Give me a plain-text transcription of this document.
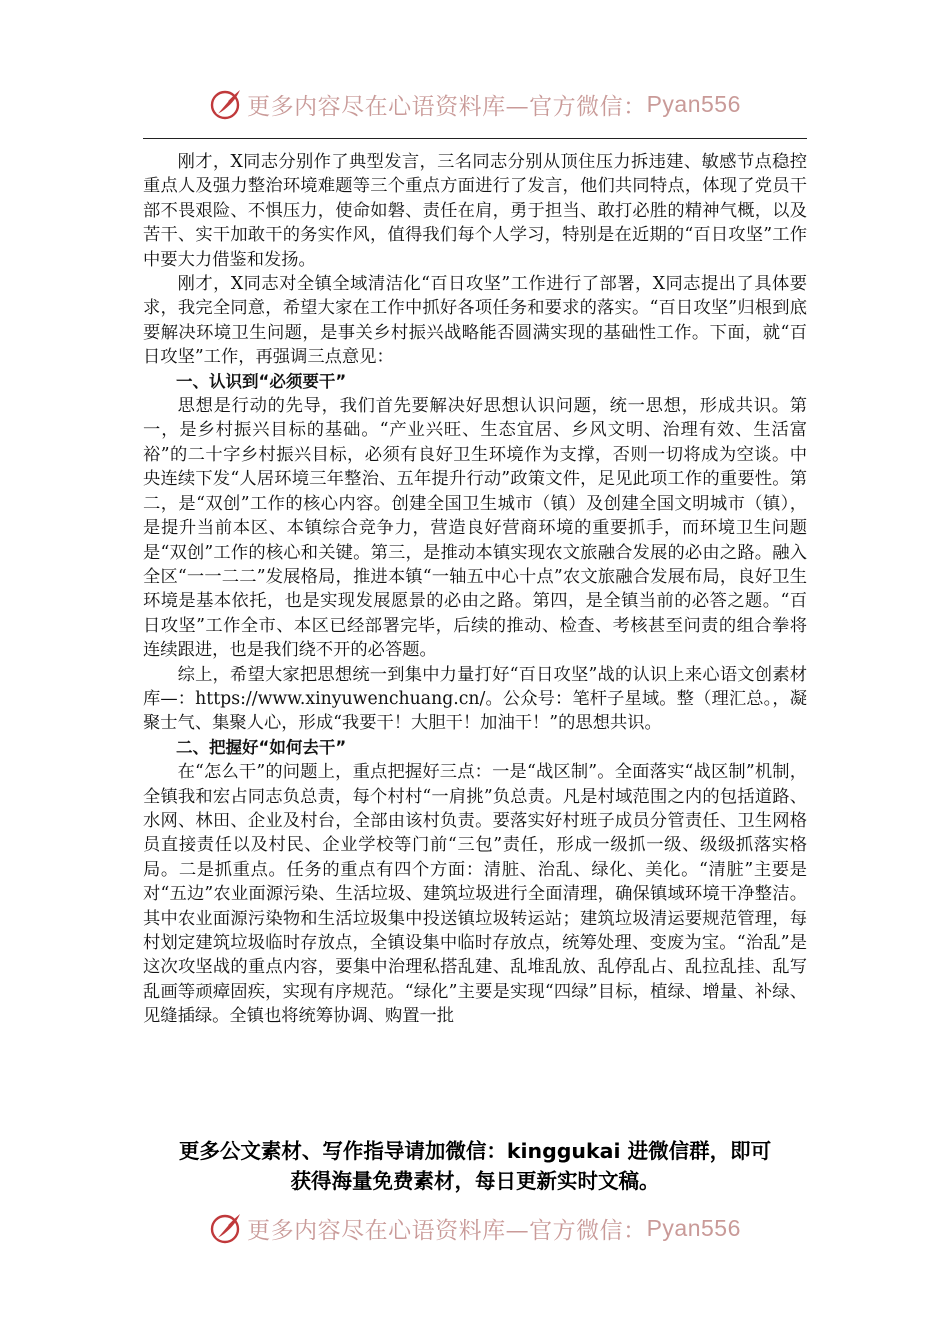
更多内容尽在心语资料库—官方微信： Pyan556

刚才，X同志分别作了典型发言，三名同志分别从顶住压力拆违建、敏感节点稳控重点人及强力整治环境难题等三个重点方面进行了发言，他们共同特点，体现了党员干部不畏艰险、不惧压力，使命如磐、责任在肩，勇于担当、敢打必胜的精神气概，以及苦干、实干加敢干的务实作风，值得我们每个人学习，特别是在近期的“百日攻坚”工作中要大力借鉴和发扬。

刚才，X同志对全镇全域清洁化“百日攻坚”工作进行了部署，X同志提出了具体要求，我完全同意，希望大家在工作中抓好各项任务和要求的落实。“百日攻坚”归根到底要解决环境卫生问题，是事关乡村振兴战略能否圆满实现的基础性工作。下面，就“百日攻坚”工作，再强调三点意见：

一、认识到“必须要干”

思想是行动的先导，我们首先要解决好思想认识问题，统一思想，形成共识。第一，是乡村振兴目标的基础。“产业兴旺、生态宜居、乡风文明、治理有效、生活富裕”的二十字乡村振兴目标，必须有良好卫生环境作为支撑，否则一切将成为空谈。中央连续下发“人居环境三年整治、五年提升行动”政策文件，足见此项工作的重要性。第二，是“双创”工作的核心内容。创建全国卫生城市（镇）及创建全国文明城市（镇），是提升当前本区、本镇综合竞争力，营造良好营商环境的重要抓手，而环境卫生问题是“双创”工作的核心和关键。第三，是推动本镇实现农文旅融合发展的必由之路。融入全区“一一二二”发展格局，推进本镇“一轴五中心十点”农文旅融合发展布局，良好卫生环境是基本依托，也是实现发展愿景的必由之路。第四，是全镇当前的必答之题。“百日攻坚”工作全市、本区已经部署完毕，后续的推动、检查、考核甚至问责的组合拳将连续跟进，也是我们绕不开的必答题。

综上，希望大家把思想统一到集中力量打好“百日攻坚”战的认识上来心语文创素材库—：https://www.xinyuwenchuang.cn/。公众号：笔杆子星域。整（理汇总。，凝聚士气、集聚人心，形成“我要干！大胆干！加油干！”的思想共识。

二、把握好“如何去干”

在“怎么干”的问题上，重点把握好三点：一是“战区制”。全面落实“战区制”机制，全镇我和宏占同志负总责，每个村村“一肩挑”负总责。凡是村域范围之内的包括道路、水网、林田、企业及村台，全部由该村负责。要落实好村班子成员分管责任、卫生网格员直接责任以及村民、企业学校等门前“三包”责任，形成一级抓一级、级级抓落实格局。二是抓重点。任务的重点有四个方面：清脏、治乱、绿化、美化。“清脏”主要是对“五边”农业面源污染、生活垃圾、建筑垃圾进行全面清理，确保镇域环境干净整洁。其中农业面源污染物和生活垃圾集中投送镇垃圾转运站；建筑垃圾清运要规范管理，每村划定建筑垃圾临时存放点，全镇设集中临时存放点，统筹处理、变废为宝。“治乱”是这次攻坚战的重点内容，要集中治理私搭乱建、乱堆乱放、乱停乱占、乱拉乱挂、乱写乱画等顽瘴固疾，实现有序规范。“绿化”主要是实现“四绿”目标，植绿、增量、补绿、见缝插绿。全镇也将统筹协调、购置一批

更多公文素材、写作指导请加微信：kinggukai 进微信群，即可
获得海量免费素材，每日更新实时文稿。
更多内容尽在心语资料库—官方微信： Pyan556
